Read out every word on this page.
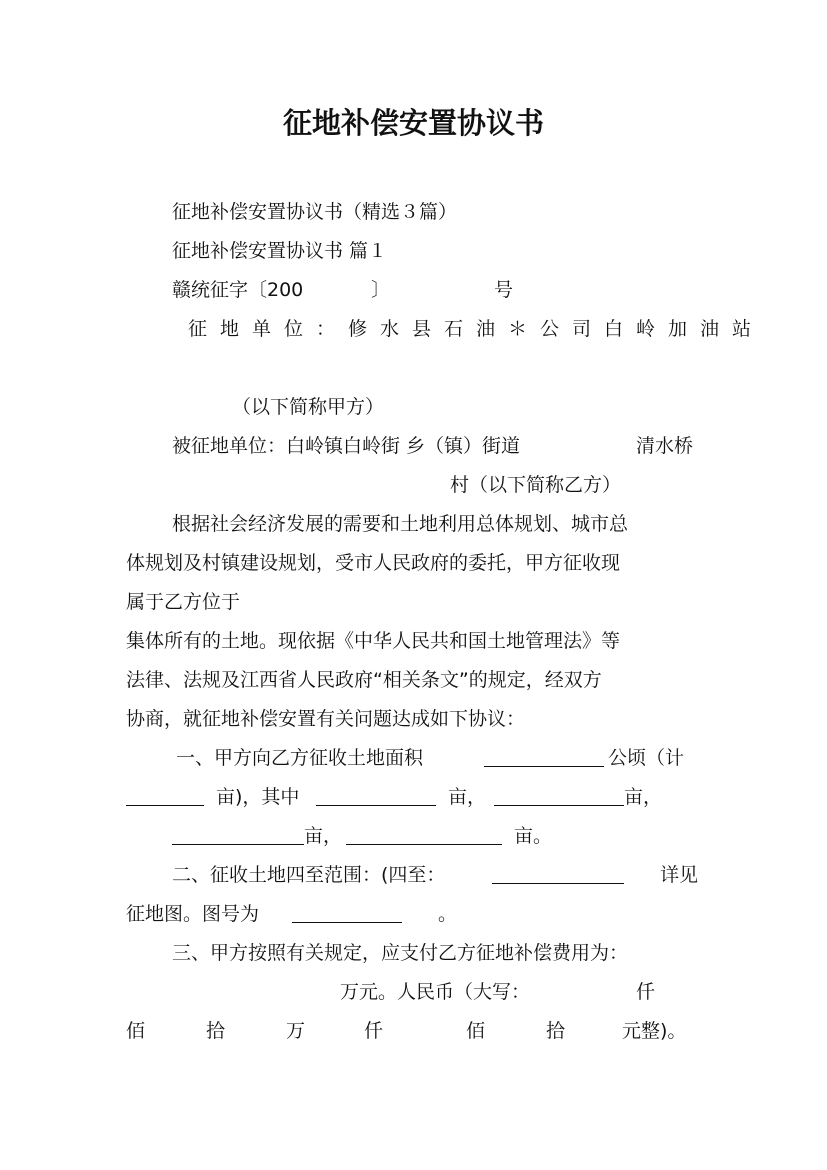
征地补偿安置协议书
征地补偿安置协议书（精选３篇）
征地补偿安置协议书 篇１
赣统征字〔200	〕	号
征地单位：修水县石油＊公司白岭加油站
（以下简称甲方）
被征地单位：白岭镇白岭街 乡（镇）街道	清水桥
村（以下简称乙方）
根据社会经济发展的需要和土地利用总体规划、城市总
体规划及村镇建设规划，受市人民政府的委托，甲方征收现
属于乙方位于
集体所有的土地。现依据《中华人民共和国土地管理法》等
法律、法规及江西省人民政府“相关条文”的规定，经双方
协商，就征地补偿安置有关问题达成如下协议：
一、甲方向乙方征收土地面积	公顷（计
亩)，其中	亩，	亩，
亩，	亩。
二、征收土地四至范围：(四至：	详见
征地图。图号为	。
三、甲方按照有关规定，应支付乙方征地补偿费用为：
万元。人民币（大写：	仟
佰	拾	万	仟	佰	拾	元整)。
